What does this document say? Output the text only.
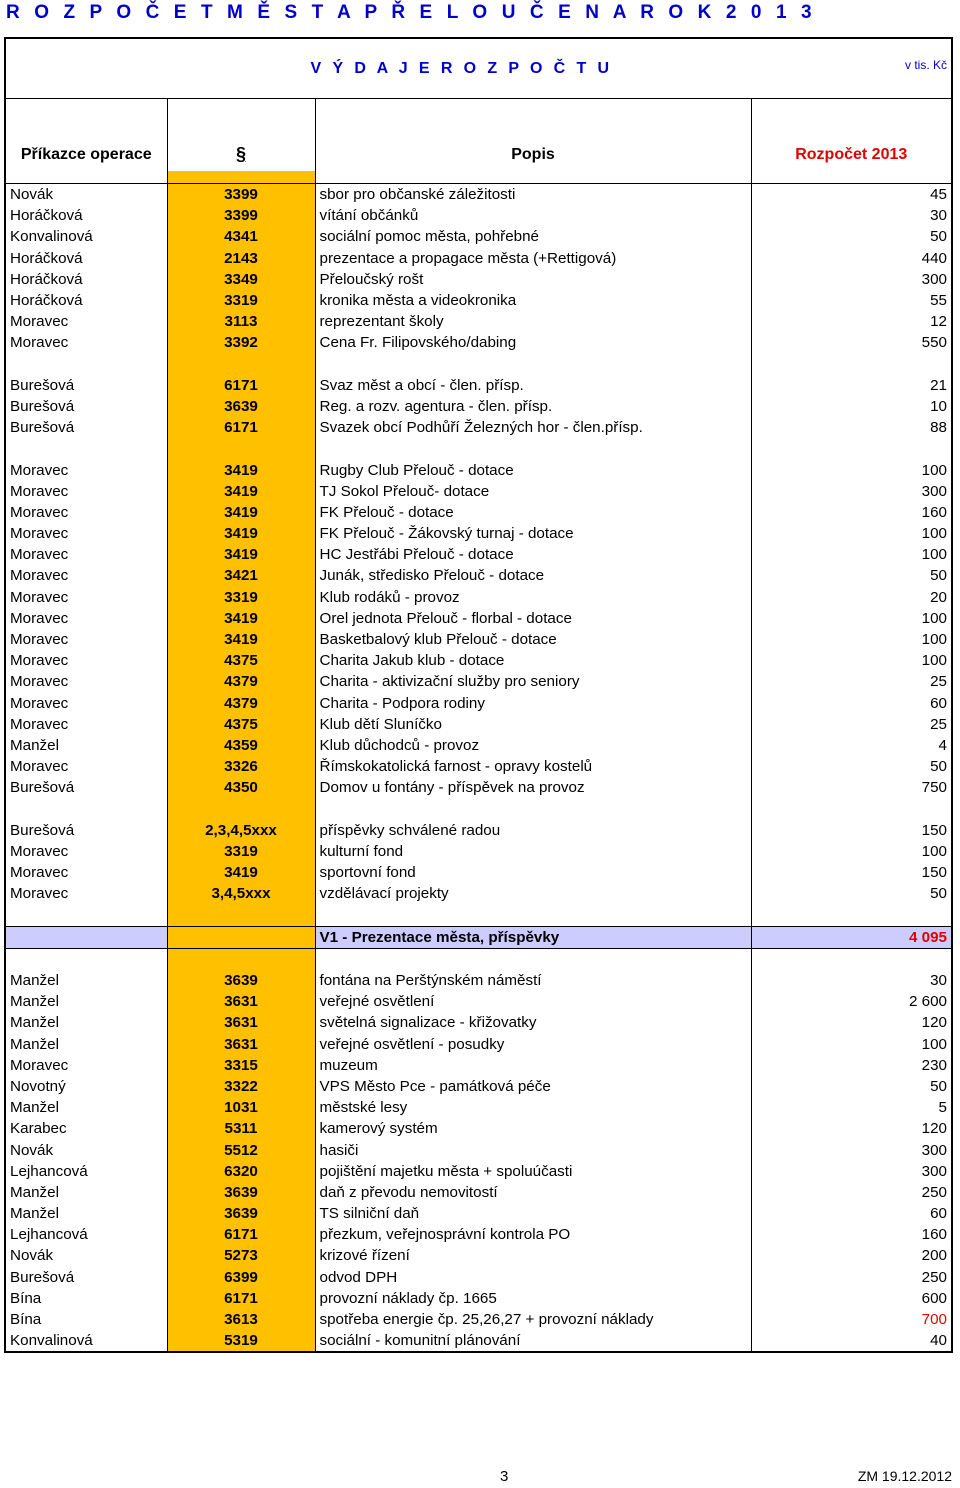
R O Z P O Č E T M Ě S T A P Ř E L O U Č E N A R O K 2 0 1 3
V Ý D A J E R O Z P O Č T U			v tis. Kč
Příkazce operace	§	Popis	Rozpočet 2013

Novák	3399	sbor pro občanské záležitosti	45
Horáčková	3399	vítání občánků	30
Konvalinová	4341	sociální pomoc města, pohřebné	50
Horáčková	2143	prezentace a propagace města (+Rettigová)	440
Horáčková	3349	Přeloučský rošt	300
Horáčková	3319	kronika města a videokronika	55
Moravec	3113	reprezentant školy	12
Moravec	3392	Cena Fr. Filipovského/dabing	550

Burešová	6171	Svaz měst a obcí - člen. přísp.	21
Burešová	3639	Reg. a rozv. agentura - člen. přísp.	10
Burešová	6171	Svazek obcí Podhůří Železných hor - člen.přísp.	88

Moravec	3419	Rugby Club Přelouč - dotace	100
Moravec	3419	TJ Sokol Přelouč- dotace	300
Moravec	3419	FK Přelouč - dotace	160
Moravec	3419	FK Přelouč - Žákovský turnaj - dotace	100
Moravec	3419	HC Jestřábi Přelouč - dotace	100
Moravec	3421	Junák, středisko Přelouč - dotace	50
Moravec	3319	Klub rodáků - provoz	20
Moravec	3419	Orel jednota Přelouč - florbal - dotace	100
Moravec	3419	Basketbalový klub Přelouč - dotace	100
Moravec	4375	Charita Jakub klub - dotace	100
Moravec	4379	Charita - aktivizační služby pro seniory	25
Moravec	4379	Charita - Podpora rodiny	60
Moravec	4375	Klub dětí Sluníčko	25
Manžel	4359	Klub důchodců - provoz	4
Moravec	3326	Římskokatolická farnost - opravy kostelů	50
Burešová	4350	Domov u fontány - příspěvek na provoz	750

Burešová	2,3,4,5xxx	příspěvky schválené radou	150
Moravec	3319	kulturní fond	100
Moravec	3419	sportovní fond	150
Moravec	3,4,5xxx	vzdělávací projekty	50

		V1 - Prezentace města, příspěvky	4 095

Manžel	3639	fontána na Perštýnském náměstí	30
Manžel	3631	veřejné osvětlení	2 600
Manžel	3631	světelná signalizace - křižovatky	120
Manžel	3631	veřejné osvětlení - posudky	100
Moravec	3315	muzeum	230
Novotný	3322	VPS Město Pce - památková péče	50
Manžel	1031	městské lesy	5
Karabec	5311	kamerový systém	120
Novák	5512	hasiči	300
Lejhancová	6320	pojištění majetku města + spoluúčasti	300
Manžel	3639	daň z převodu nemovitostí	250
Manžel	3639	TS silniční daň	60
Lejhancová	6171	přezkum, veřejnosprávní kontrola PO	160
Novák	5273	krizové řízení	200
Burešová	6399	odvod DPH	250
Bína	6171	provozní náklady čp. 1665	600
Bína	3613	spotřeba energie čp. 25,26,27 + provozní náklady	700
Konvalinová	5319	sociální - komunitní plánování	40
3	ZM 19.12.2012
